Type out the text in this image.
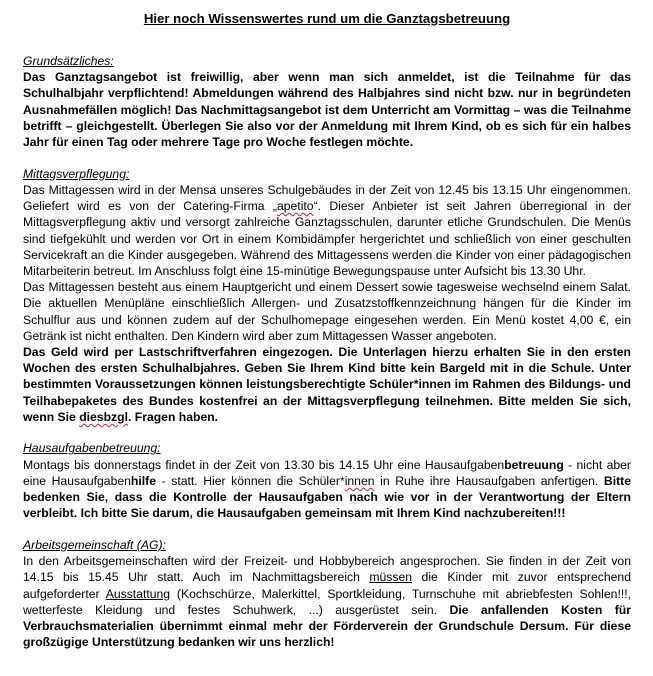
Hier noch Wissenswertes rund um die Ganztagsbetreuung
Grundsätzliches:

Das Ganztagsangebot ist freiwillig, aber wenn man sich anmeldet, ist die Teilnahme für das Schulhalbjahr verpflichtend! Abmeldungen während des Halbjahres sind nicht bzw. nur in begründeten Ausnahmefällen möglich! Das Nachmittagsangebot ist dem Unterricht am Vormittag – was die Teilnahme betrifft – gleichgestellt. Überlegen Sie also vor der Anmeldung mit Ihrem Kind, ob es sich für ein halbes Jahr für einen Tag oder mehrere Tage pro Woche festlegen möchte.

Mittagsverpflegung:

Das Mittagessen wird in der Mensa unseres Schulgebäudes in der Zeit von 12.45 bis 13.15 Uhr eingenommen. Geliefert wird es von der Catering-Firma „apetito“. Dieser Anbieter ist seit Jahren überregional in der Mittagsverpflegung aktiv und versorgt zahlreiche Ganztagsschulen, darunter etliche Grundschulen. Die Menüs sind tiefgekühlt und werden vor Ort in einem Kombidämpfer hergerichtet und schließlich von einer geschulten Servicekraft an die Kinder ausgegeben. Während des Mittagessens werden die Kinder von einer pädagogischen Mitarbeiterin betreut. Im Anschluss folgt eine 15-minütige Bewegungspause unter Aufsicht bis 13.30 Uhr.

Das Mittagessen besteht aus einem Hauptgericht und einem Dessert sowie tagesweise wechselnd einem Salat. Die aktuellen Menüpläne einschließlich Allergen- und Zusatzstoffkennzeichnung hängen für die Kinder im Schulflur aus und können zudem auf der Schulhomepage eingesehen werden. Ein Menü kostet 4,00 €, ein Getränk ist nicht enthalten. Den Kindern wird aber zum Mittagessen Wasser angeboten.

Das Geld wird per Lastschriftverfahren eingezogen. Die Unterlagen hierzu erhalten Sie in den ersten Wochen des ersten Schulhalbjahres. Geben Sie Ihrem Kind bitte kein Bargeld mit in die Schule. Unter bestimmten Voraussetzungen können leistungsberechtigte Schüler*innen im Rahmen des Bildungs- und Teilhabepaketes des Bundes kostenfrei an der Mittagsverpflegung teilnehmen. Bitte melden Sie sich, wenn Sie diesbzgl. Fragen haben.

Hausaufgabenbetreuung:

Montags bis donnerstags findet in der Zeit von 13.30 bis 14.15 Uhr eine Hausaufgabenbetreuung - nicht aber eine Hausaufgabenhilfe - statt. Hier können die Schüler*innen in Ruhe ihre Hausaufgaben anfertigen. Bitte bedenken Sie, dass die Kontrolle der Hausaufgaben nach wie vor in der Verantwortung der Eltern verbleibt. Ich bitte Sie darum, die Hausaufgaben gemeinsam mit Ihrem Kind nachzubereiten!!!

Arbeitsgemeinschaft (AG):

In den Arbeitsgemeinschaften wird der Freizeit- und Hobbybereich angesprochen. Sie finden in der Zeit von 14.15 bis 15.45 Uhr statt. Auch im Nachmittagsbereich müssen die Kinder mit zuvor entsprechend aufgeforderter Ausstattung (Kochschürze, Malerkittel, Sportkleidung, Turnschuhe mit abriebfesten Sohlen!!!, wetterfeste Kleidung und festes Schuhwerk, ...) ausgerüstet sein. Die anfallenden Kosten für Verbrauchsmaterialien übernimmt einmal mehr der Förderverein der Grundschule Dersum. Für diese großzügige Unterstützung bedanken wir uns herzlich!
